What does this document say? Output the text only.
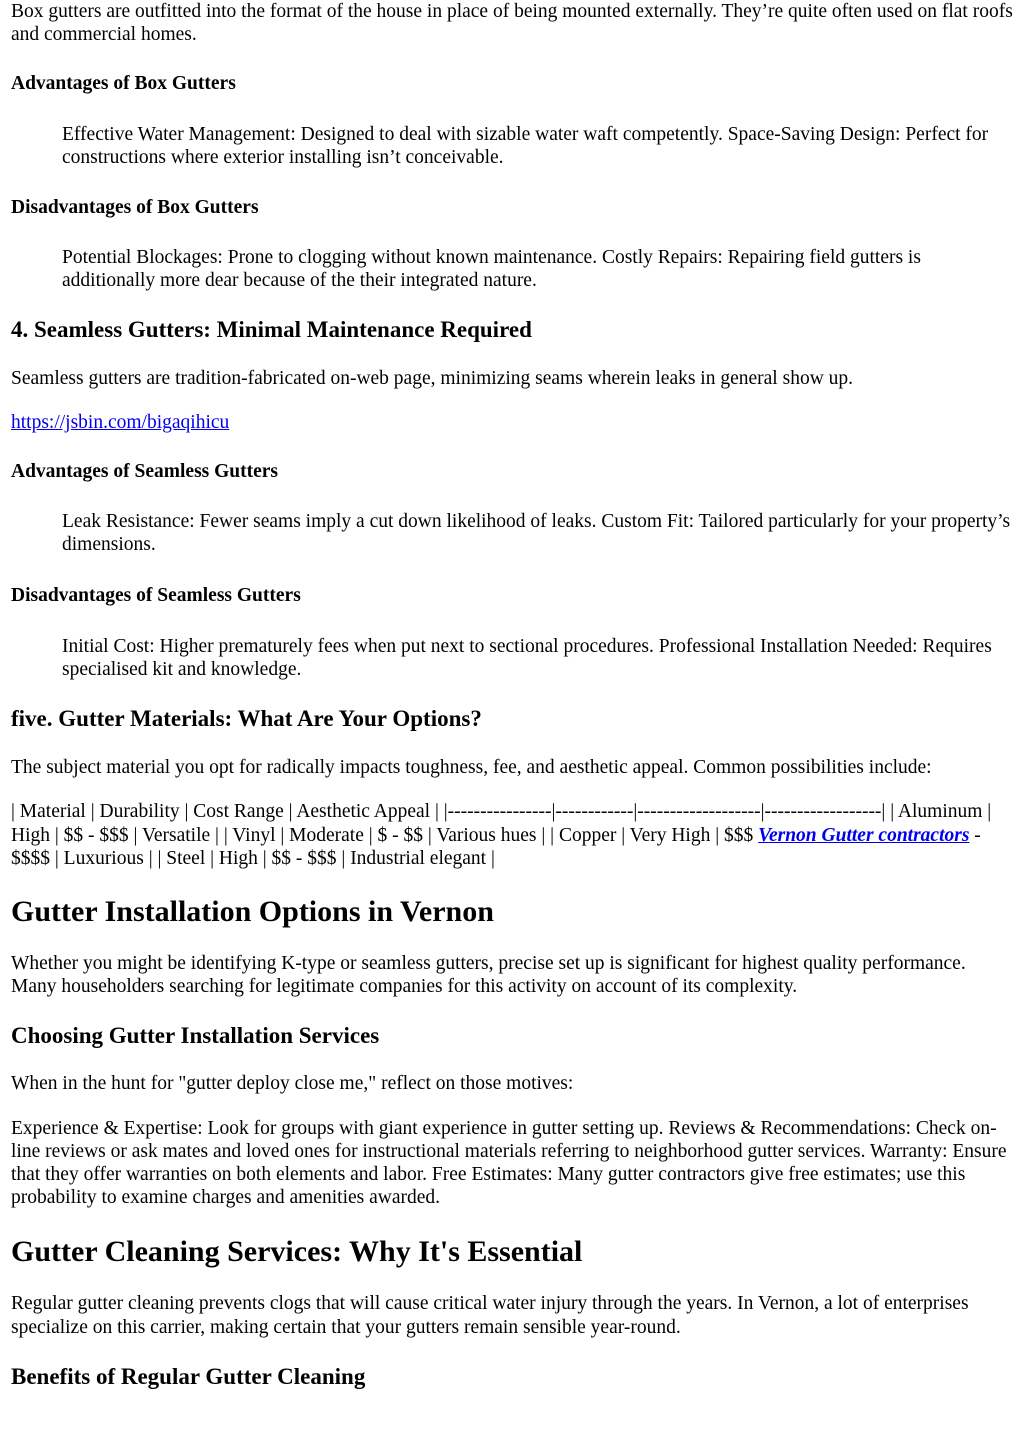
Box gutters are outfitted into the format of the house in place of being mounted externally. They’re quite often used on flat roofs and commercial homes.

Advantages of Box Gutters

Effective Water Management: Designed to deal with sizable water waft competently. Space-Saving Design: Perfect for constructions where exterior installing isn’t conceivable.

Disadvantages of Box Gutters

Potential Blockages: Prone to clogging without known maintenance. Costly Repairs: Repairing field gutters is additionally more dear because of the their integrated nature.

4. Seamless Gutters: Minimal Maintenance Required

Seamless gutters are tradition-fabricated on-web page, minimizing seams wherein leaks in general show up.

https://jsbin.com/bigaqihicu

Advantages of Seamless Gutters

Leak Resistance: Fewer seams imply a cut down likelihood of leaks. Custom Fit: Tailored particularly for your property’s dimensions.

Disadvantages of Seamless Gutters

Initial Cost: Higher prematurely fees when put next to sectional procedures. Professional Installation Needed: Requires specialised kit and knowledge.

five. Gutter Materials: What Are Your Options?

The subject material you opt for radically impacts toughness, fee, and aesthetic appeal. Common possibilities include:

| Material | Durability | Cost Range | Aesthetic Appeal | |----------------|------------|-------------------|------------------| | Aluminum | High | $$ - $$$ | Versatile | | Vinyl | Moderate | $ - $$ | Various hues | | Copper | Very High | $$$ Vernon Gutter contractors - $$$$ | Luxurious | | Steel | High | $$ - $$$ | Industrial elegant |

Gutter Installation Options in Vernon

Whether you might be identifying K-type or seamless gutters, precise set up is significant for highest quality performance. Many householders searching for legitimate companies for this activity on account of its complexity.

Choosing Gutter Installation Services

When in the hunt for "gutter deploy close me," reflect on those motives:

Experience & Expertise: Look for groups with giant experience in gutter setting up. Reviews & Recommendations: Check on-line reviews or ask mates and loved ones for instructional materials referring to neighborhood gutter services. Warranty: Ensure that they offer warranties on both elements and labor. Free Estimates: Many gutter contractors give free estimates; use this probability to examine charges and amenities awarded.

Gutter Cleaning Services: Why It's Essential

Regular gutter cleaning prevents clogs that will cause critical water injury through the years. In Vernon, a lot of enterprises specialize on this carrier, making certain that your gutters remain sensible year-round.

Benefits of Regular Gutter Cleaning
